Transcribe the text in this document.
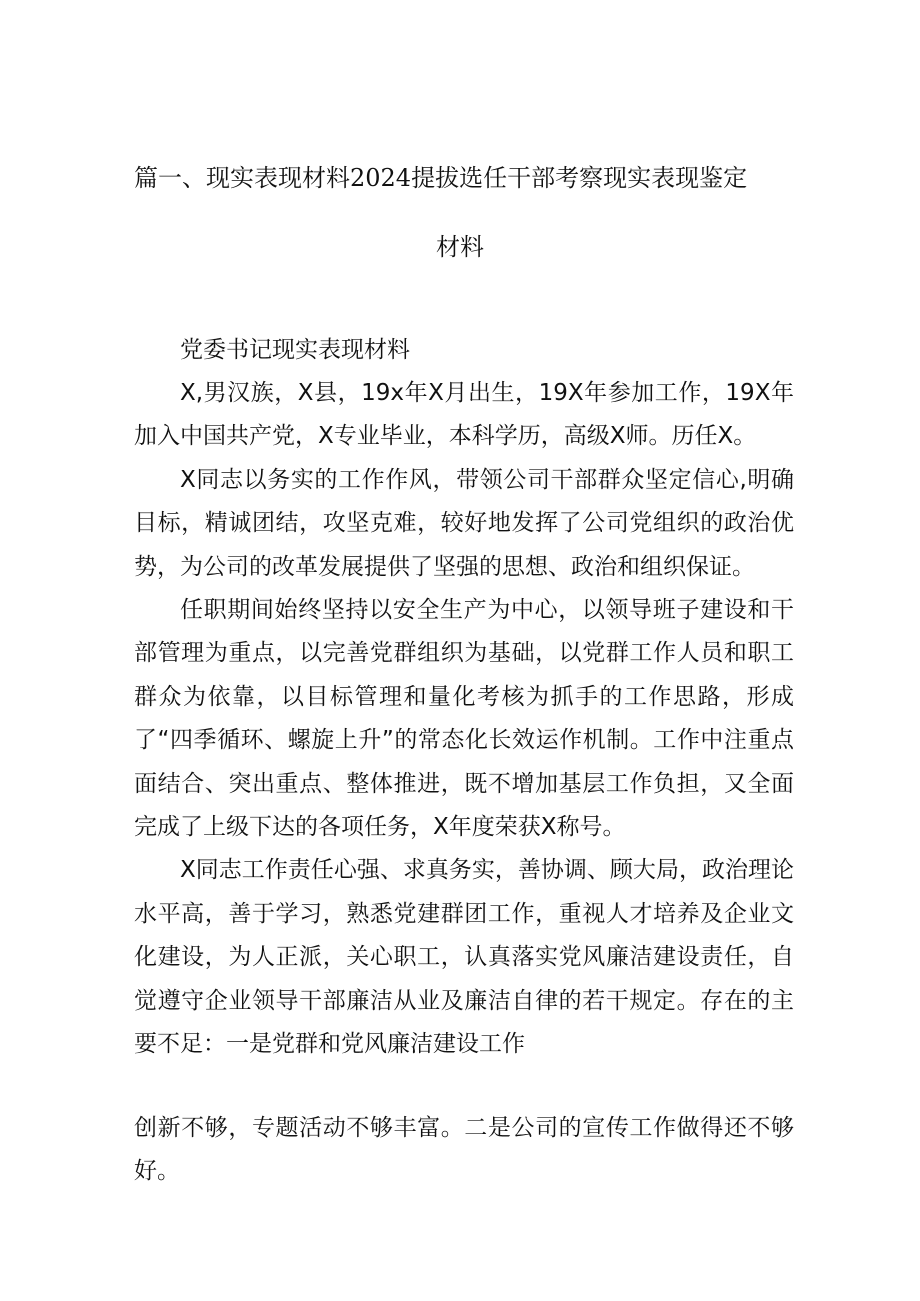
篇一、现实表现材料2024提拔选任干部考察现实表现鉴定
材料
党委书记现实表现材料

X,男汉族，X县，19x年X月出生，19X年参加工作，19X年加入中国共产党，X专业毕业，本科学历，高级X师。历任X。

X同志以务实的工作作风，带领公司干部群众坚定信心,明确目标，精诚团结，攻坚克难，较好地发挥了公司党组织的政治优势，为公司的改革发展提供了坚强的思想、政治和组织保证。

任职期间始终坚持以安全生产为中心，以领导班子建设和干部管理为重点，以完善党群组织为基础，以党群工作人员和职工群众为依靠，以目标管理和量化考核为抓手的工作思路，形成了“四季循环、螺旋上升”的常态化长效运作机制。工作中注重点面结合、突出重点、整体推进，既不增加基层工作负担，又全面完成了上级下达的各项任务，X年度荣获X称号。

X同志工作责任心强、求真务实，善协调、顾大局，政治理论水平高，善于学习，熟悉党建群团工作，重视人才培养及企业文化建设，为人正派，关心职工，认真落实党风廉洁建设责任，自觉遵守企业领导干部廉洁从业及廉洁自律的若干规定。存在的主要不足：一是党群和党风廉洁建设工作

创新不够，专题活动不够丰富。二是公司的宣传工作做得还不够好。
